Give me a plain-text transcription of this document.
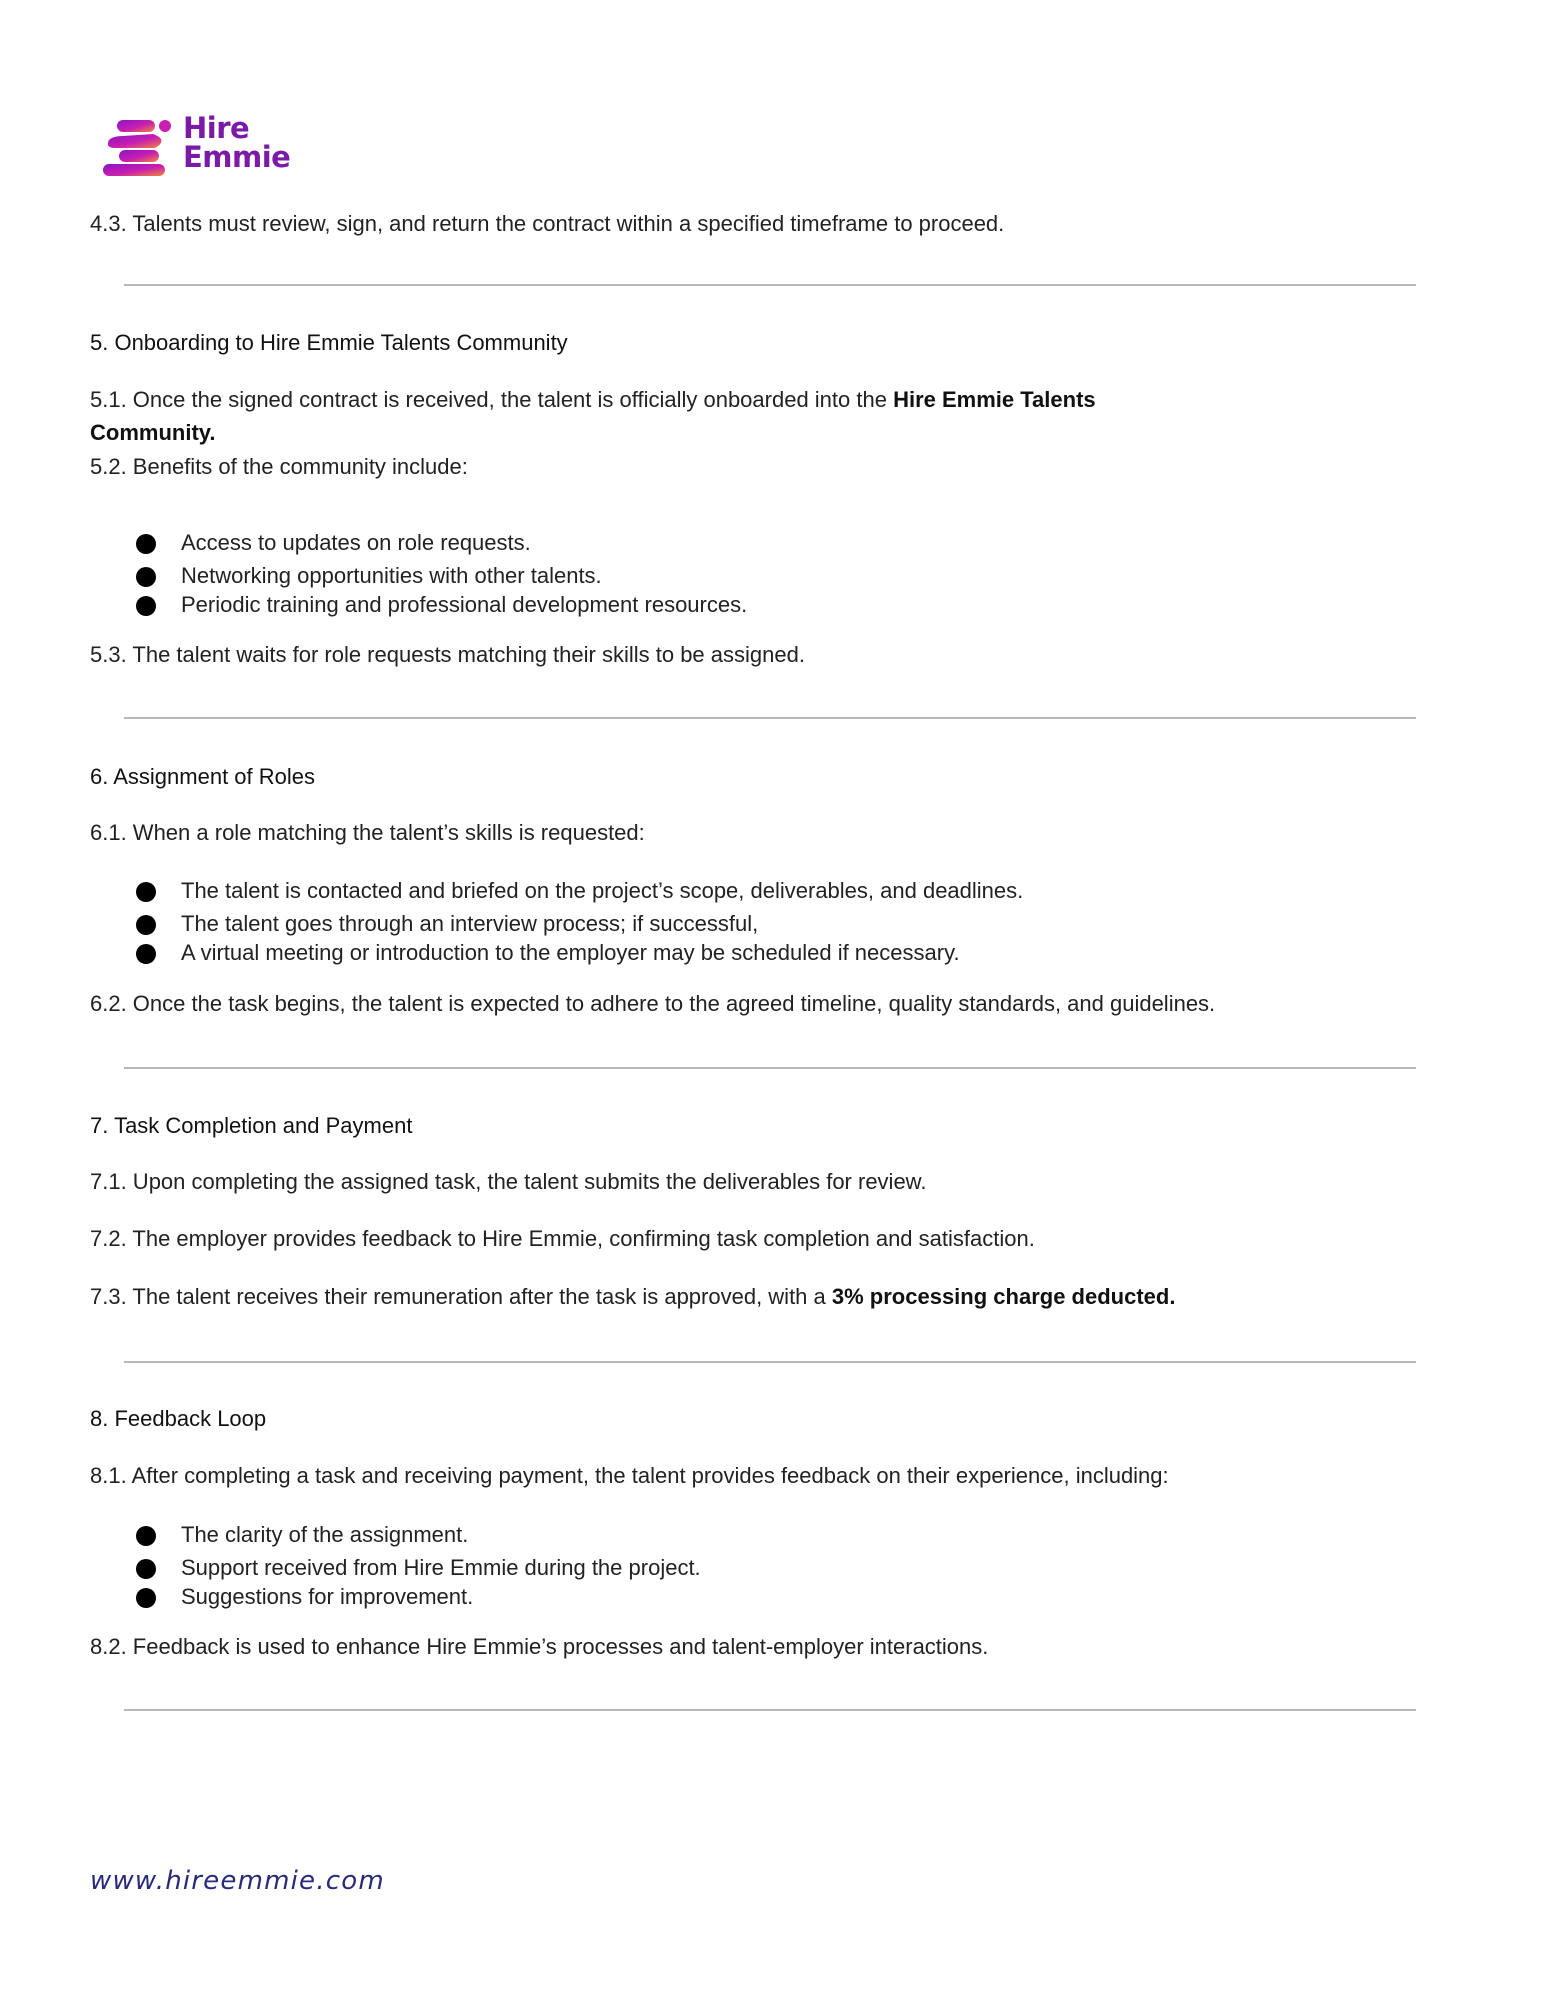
Hire
Emmie
4.3. Talents must review, sign, and return the contract within a specified timeframe to proceed.
5. Onboarding to Hire Emmie Talents Community
5.1. Once the signed contract is received, the talent is officially onboarded into the Hire Emmie Talents
Community.
5.2. Benefits of the community include:
Access to updates on role requests.
Networking opportunities with other talents.
Periodic training and professional development resources.
5.3. The talent waits for role requests matching their skills to be assigned.
6. Assignment of Roles
6.1. When a role matching the talent’s skills is requested:
The talent is contacted and briefed on the project’s scope, deliverables, and deadlines.
The talent goes through an interview process; if successful,
A virtual meeting or introduction to the employer may be scheduled if necessary.
6.2. Once the task begins, the talent is expected to adhere to the agreed timeline, quality standards, and guidelines.
7. Task Completion and Payment
7.1. Upon completing the assigned task, the talent submits the deliverables for review.
7.2. The employer provides feedback to Hire Emmie, confirming task completion and satisfaction.
7.3. The talent receives their remuneration after the task is approved, with a 3% processing charge deducted.
8. Feedback Loop
8.1. After completing a task and receiving payment, the talent provides feedback on their experience, including:
The clarity of the assignment.
Support received from Hire Emmie during the project.
Suggestions for improvement.
8.2. Feedback is used to enhance Hire Emmie’s processes and talent-employer interactions.
www.hireemmie.com
